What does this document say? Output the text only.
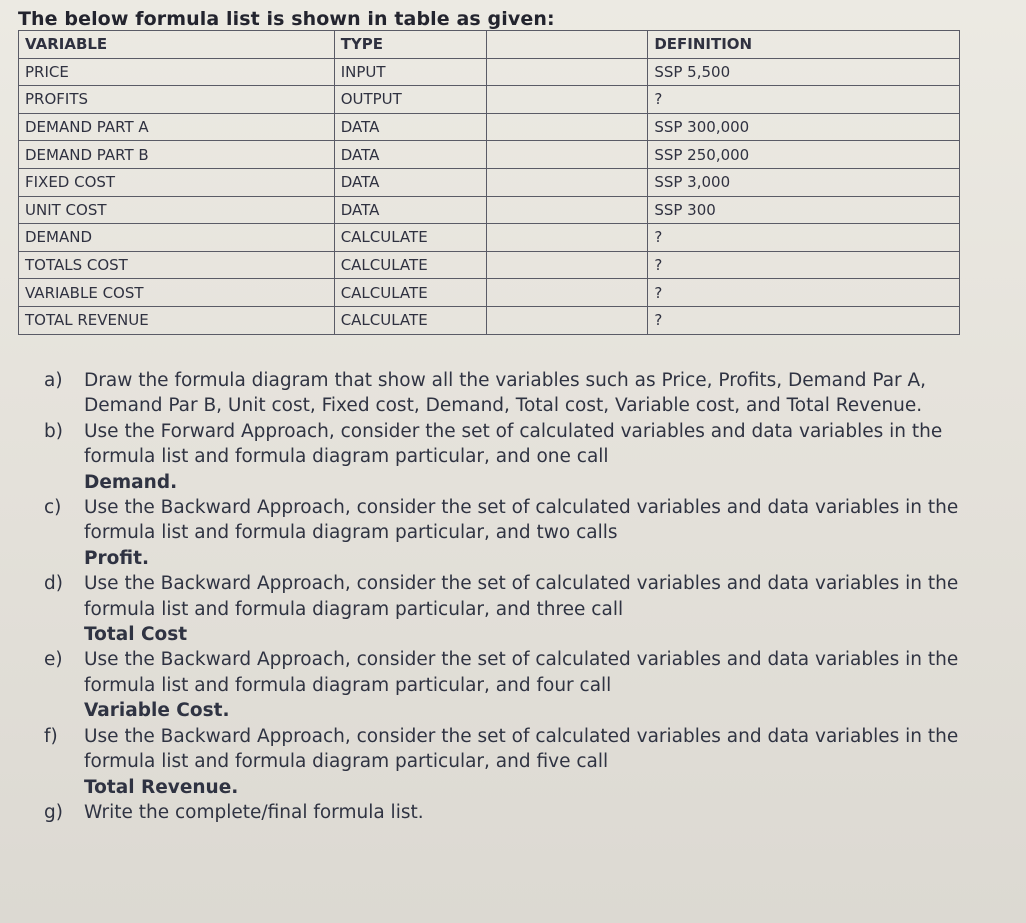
The below formula list is shown in table as given:
VARIABLE	TYPE		DEFINITION
PRICE	INPUT		SSP 5,500
PROFITS	OUTPUT		?
DEMAND PART A	DATA		SSP 300,000
DEMAND PART B	DATA		SSP 250,000
FIXED COST	DATA		SSP 3,000
UNIT COST	DATA		SSP 300
DEMAND	CALCULATE		?
TOTALS COST	CALCULATE		?
VARIABLE COST	CALCULATE		?
TOTAL REVENUE	CALCULATE		?
a)	Draw the formula diagram that show all the variables such as Price, Profits, Demand Par A, Demand Par B, Unit cost, Fixed cost, Demand, Total cost, Variable cost, and Total Revenue.
b)	Use the Forward Approach, consider the set of calculated variables and data variables in the formula list and formula diagram particular, and one call
Demand.
c)	Use the Backward Approach, consider the set of calculated variables and data variables in the formula list and formula diagram particular, and two calls
Profit.
d)	Use the Backward Approach, consider the set of calculated variables and data variables in the formula list and formula diagram particular, and three call
Total Cost
e)	Use the Backward Approach, consider the set of calculated variables and data variables in the formula list and formula diagram particular, and four call
Variable Cost.
f)	Use the Backward Approach, consider the set of calculated variables and data variables in the formula list and formula diagram particular, and five call
Total Revenue.
g)	Write the complete/final formula list.
